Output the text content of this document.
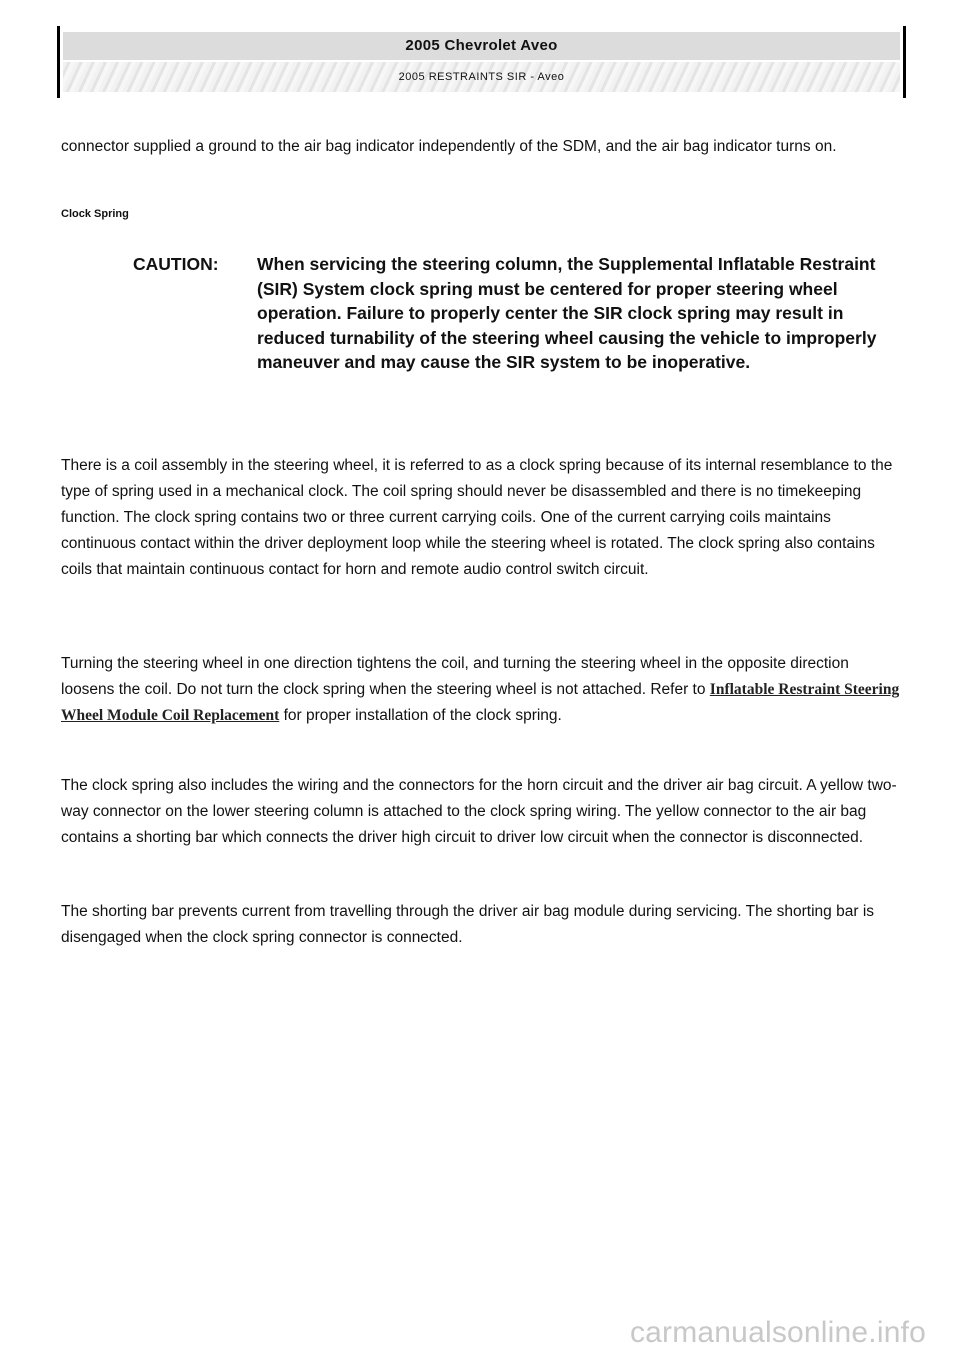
2005 Chevrolet Aveo
2005 RESTRAINTS SIR - Aveo

connector supplied a ground to the air bag indicator independently of the SDM, and the air bag indicator turns on.

Clock Spring

CAUTION: When servicing the steering column, the Supplemental Inflatable Restraint (SIR) System clock spring must be centered for proper steering wheel operation. Failure to properly center the SIR clock spring may result in reduced turnability of the steering wheel causing the vehicle to improperly maneuver and may cause the SIR system to be inoperative.

There is a coil assembly in the steering wheel, it is referred to as a clock spring because of its internal resemblance to the type of spring used in a mechanical clock. The coil spring should never be disassembled and there is no timekeeping function. The clock spring contains two or three current carrying coils. One of the current carrying coils maintains continuous contact within the driver deployment loop while the steering wheel is rotated. The clock spring also contains coils that maintain continuous contact for horn and remote audio control switch circuit.

Turning the steering wheel in one direction tightens the coil, and turning the steering wheel in the opposite direction loosens the coil. Do not turn the clock spring when the steering wheel is not attached. Refer to Inflatable Restraint Steering Wheel Module Coil Replacement for proper installation of the clock spring.

The clock spring also includes the wiring and the connectors for the horn circuit and the driver air bag circuit. A yellow two-way connector on the lower steering column is attached to the clock spring wiring. The yellow connector to the air bag contains a shorting bar which connects the driver high circuit to driver low circuit when the connector is disconnected.

The shorting bar prevents current from travelling through the driver air bag module during servicing. The shorting bar is disengaged when the clock spring connector is connected.

carmanualsonline.info
